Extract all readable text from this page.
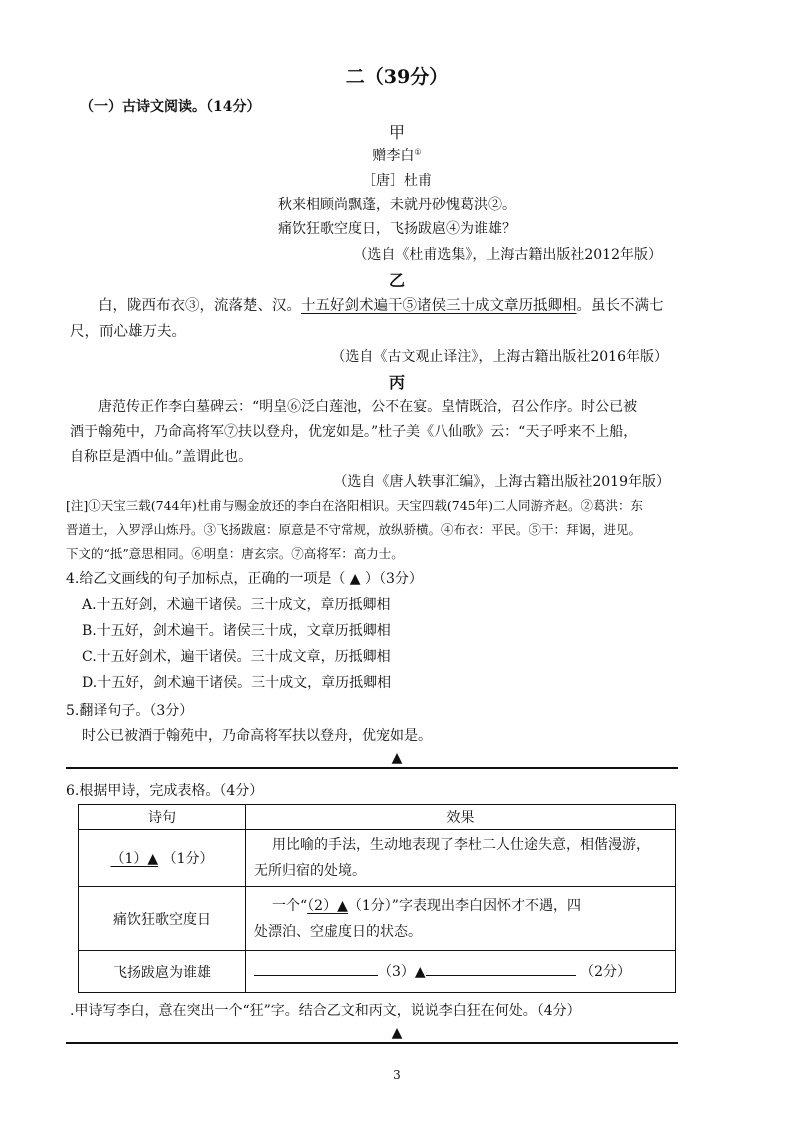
二（39分）
（一）古诗文阅读。（14分）
甲
赠李白①
［唐］杜甫
秋来相顾尚飘蓬，未就丹砂愧葛洪②。
痛饮狂歌空度日，飞扬跋扈④为谁雄？
（选自《杜甫选集》，上海古籍出版社2012年版）
乙
白，陇西布衣③，流落楚、汉。十五好剑术遍干⑤诸侯三十成文章历抵卿相。虽长不满七
尺，而心雄万夫。
（选自《古文观止译注》，上海古籍出版社2016年版）
丙
唐范传正作李白墓碑云：“明皇⑥泛白莲池，公不在宴。皇情既洽，召公作序。时公已被
酒于翰苑中，乃命高将军⑦扶以登舟，优宠如是。”杜子美《八仙歌》云：“天子呼来不上船，
自称臣是酒中仙。”盖谓此也。
（选自《唐人轶事汇编》，上海古籍出版社2019年版）
[注]①天宝三载(744年)杜甫与赐金放还的李白在洛阳相识。天宝四载(745年)二人同游齐赵。②葛洪：东
晋道士，入罗浮山炼丹。③飞扬跋扈：原意是不守常规，放纵骄横。④布衣：平民。⑤干：拜谒，进见。
下文的“抵”意思相同。⑥明皇：唐玄宗。⑦高将军：高力士。
4.给乙文画线的句子加标点，正确的一项是（ ▲ ）（3分）
A.十五好剑，术遍干诸侯。三十成文，章历抵卿相
B.十五好，剑术遍干。诸侯三十成，文章历抵卿相
C.十五好剑术，遍干诸侯。三十成文章，历抵卿相
D.十五好，剑术遍干诸侯。三十成文，章历抵卿相
5.翻译句子。（3分）
时公已被酒于翰苑中，乃命高将军扶以登舟，优宠如是。
▲
6.根据甲诗，完成表格。（4分）
诗句	效果
（1）▲ （1分）	用比喻的手法，生动地表现了李杜二人仕途失意，相偕漫游，
无所归宿的处境。

痛饮狂歌空度日	一个“（2）▲（1分）”字表现出李白因怀才不遇，四
处漂泊、空虚度日的状态。

飞扬跋扈为谁雄	（3）▲ （2分）
.甲诗写李白，意在突出一个“狂”字。结合乙文和丙文，说说李白狂在何处。（4分）
▲
3
